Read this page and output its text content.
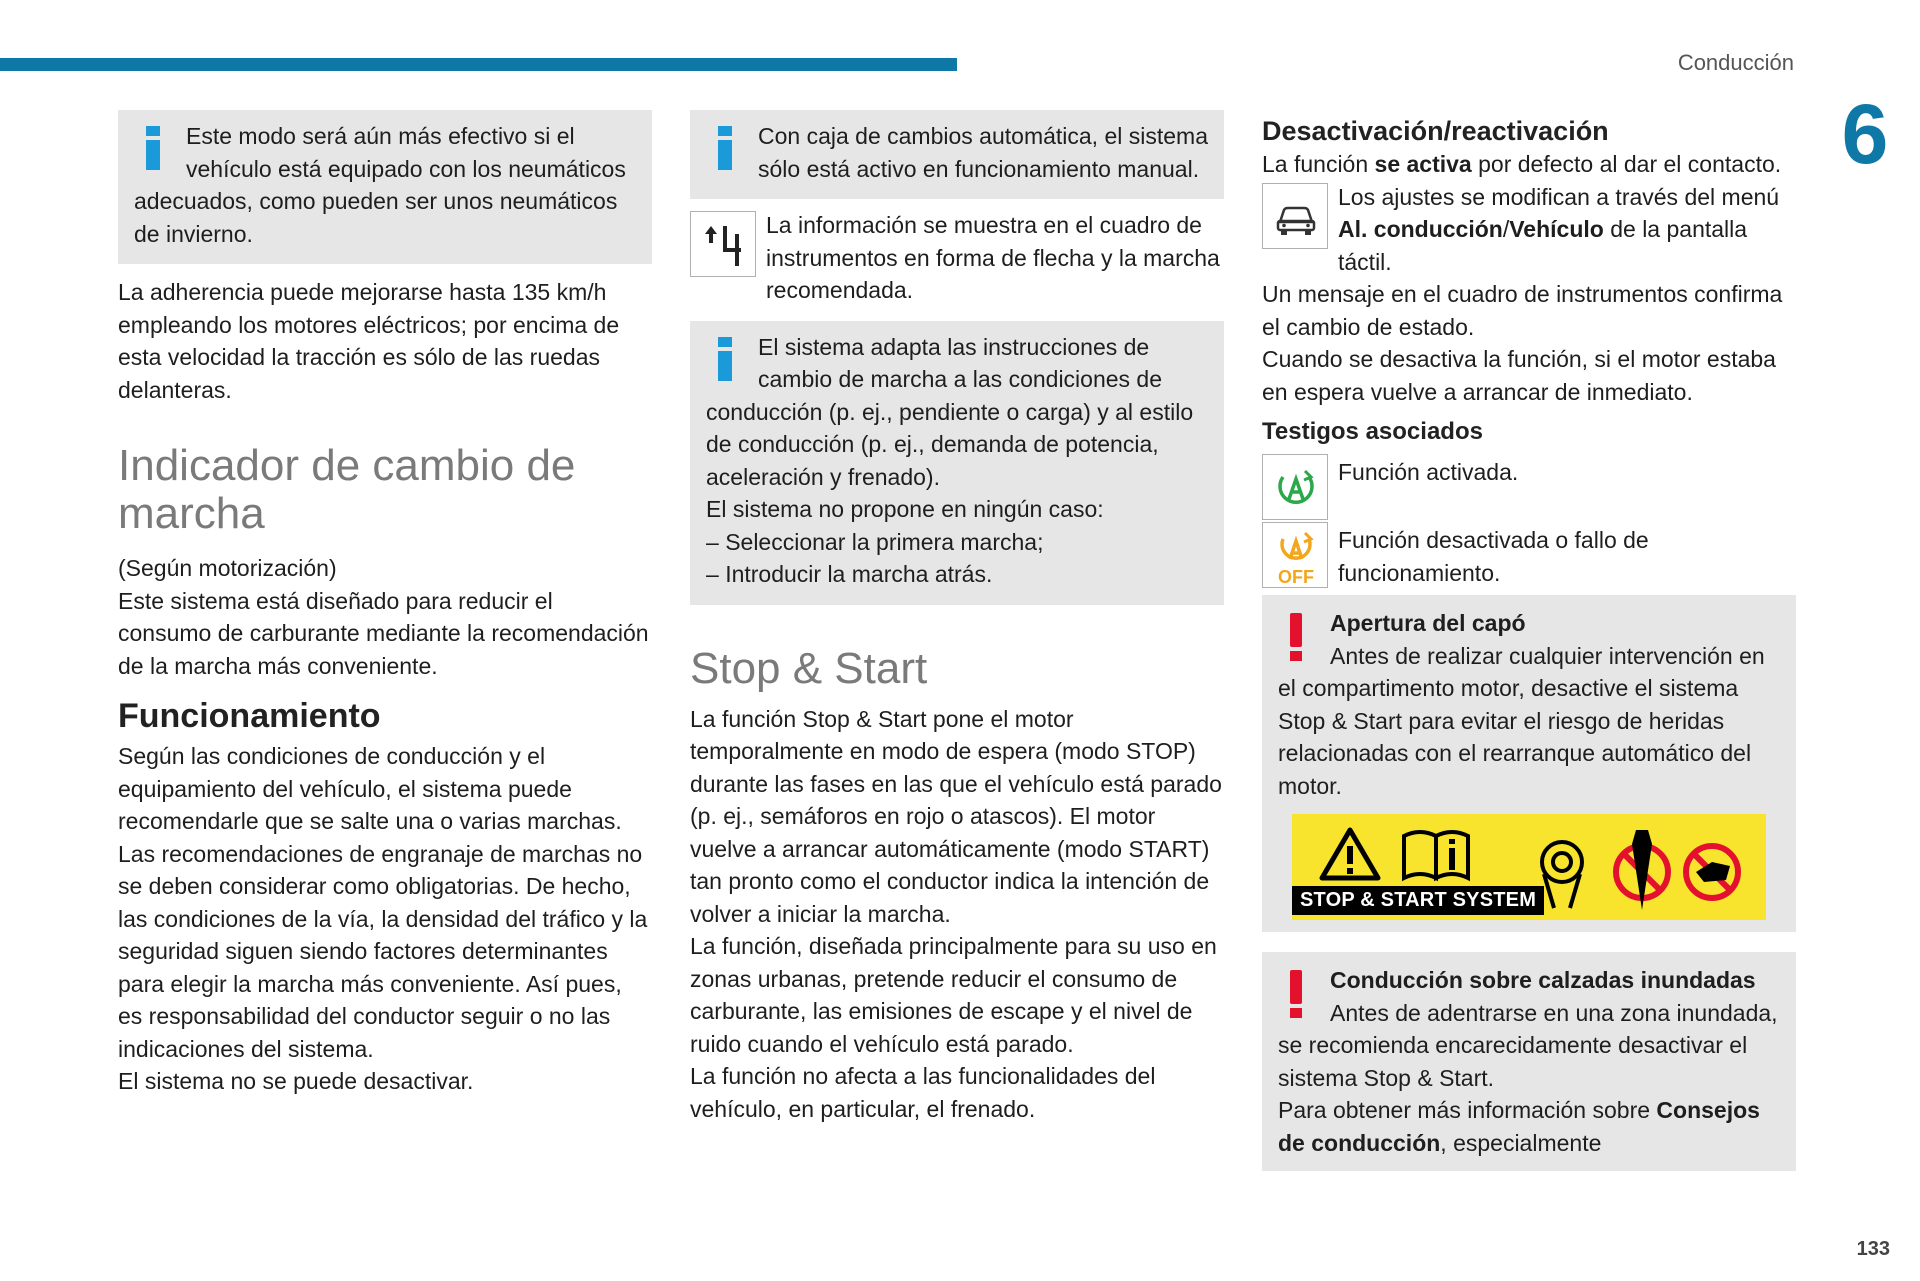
Conducción
6
133
Este modo será aún más efectivo si el vehículo está equipado con los neumáticos adecuados, como pueden ser unos neumáticos de invierno.

La adherencia puede mejorarse hasta 135 km/h empleando los motores eléctricos; por encima de esta velocidad la tracción es sólo de las ruedas delanteras.

Indicador de cambio de marcha

(Según motorización)

Este sistema está diseñado para reducir el consumo de carburante mediante la recomendación de la marcha más conveniente.

Funcionamiento

Según las condiciones de conducción y el equipamiento del vehículo, el sistema puede recomendarle que se salte una o varias marchas.

Las recomendaciones de engranaje de marchas no se deben considerar como obligatorias. De hecho, las condiciones de la vía, la densidad del tráfico y la seguridad siguen siendo factores determinantes para elegir la marcha más conveniente. Así pues, es responsabilidad del conductor seguir o no las indicaciones del sistema.

El sistema no se puede desactivar.

Con caja de cambios automática, el sistema sólo está activo en funcionamiento manual.

La información se muestra en el cuadro de instrumentos en forma de flecha y la marcha recomendada.

El sistema adapta las instrucciones de cambio de marcha a las condiciones de conducción (p. ej., pendiente o carga) y al estilo de conducción (p. ej., demanda de potencia, aceleración y frenado).
El sistema no propone en ningún caso:
– Seleccionar la primera marcha;
– Introducir la marcha atrás.
Stop & Start

La función Stop & Start pone el motor temporalmente en modo de espera (modo STOP) durante las fases en las que el vehículo está parado (p. ej., semáforos en rojo o atascos). El motor vuelve a arrancar automáticamente (modo START) tan pronto como el conductor indica la intención de volver a iniciar la marcha.

La función, diseñada principalmente para su uso en zonas urbanas, pretende reducir el consumo de carburante, las emisiones de escape y el nivel de ruido cuando el vehículo está parado.

La función no afecta a las funcionalidades del vehículo, en particular, el frenado.

Desactivación/reactivación

La función se activa por defecto al dar el contacto.

Los ajustes se modifican a través del menú Al. conducción/Vehículo de la pantalla táctil.

Un mensaje en el cuadro de instrumentos confirma el cambio de estado.

Cuando se desactiva la función, si el motor estaba en espera vuelve a arrancar de inmediato.

Testigos asociados

Función activada.

OFF

Función desactivada o fallo de funcionamiento.

Apertura del capó
Antes de realizar cualquier intervención en el compartimento motor, desactive el sistema Stop & Start para evitar el riesgo de heridas relacionadas con el rearranque automático del motor.
STOP & START SYSTEM
Conducción sobre calzadas inundadas
Antes de adentrarse en una zona inundada, se recomienda encarecidamente desactivar el sistema Stop & Start.
Para obtener más información sobre Consejos de conducción, especialmente
